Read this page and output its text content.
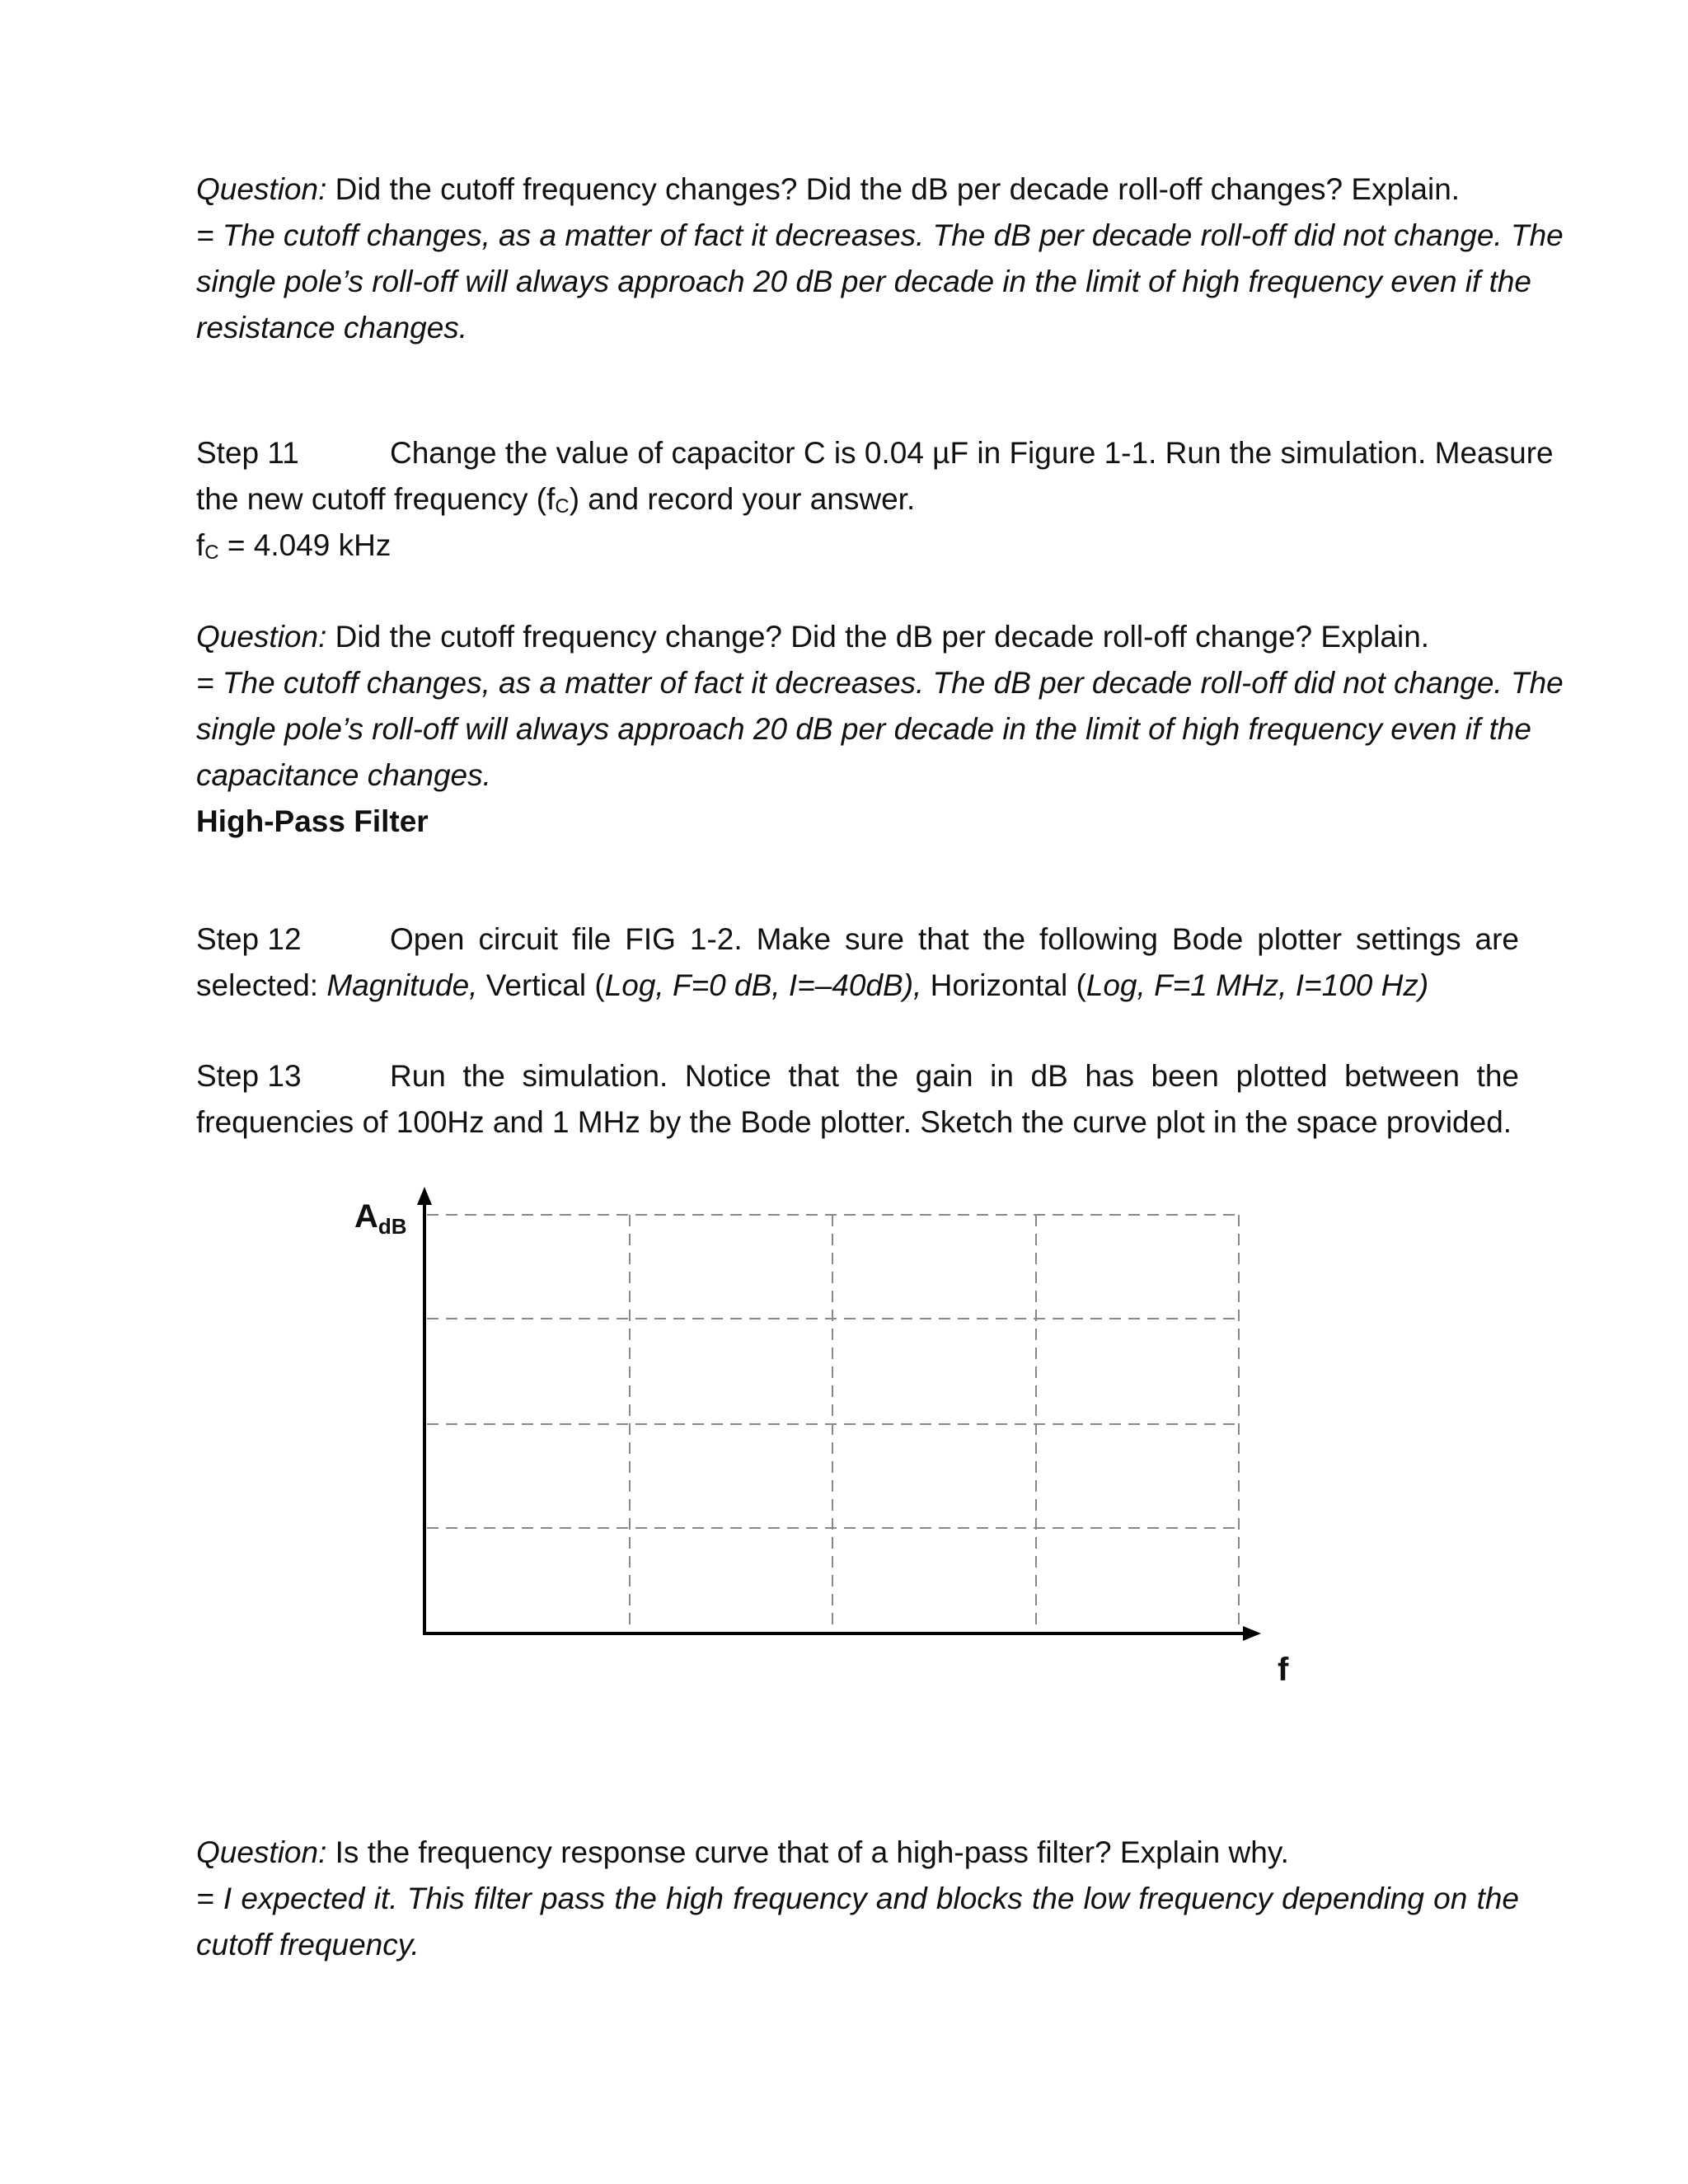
Question: Did the cutoff frequency changes? Did the dB per decade roll-off changes? Explain.
= The cutoff changes, as a matter of fact it decreases. The dB per decade roll-off did not change. The
single pole’s roll-off will always approach 20 dB per decade in the limit of high frequency even if the
resistance changes.
Step 11	Change the value of capacitor C is 0.04 µF in Figure 1-1. Run the simulation. Measure
the new cutoff frequency $(f_C)$ and record your answer.
$f_C = 4.049$ kHz
Question: Did the cutoff frequency change? Did the dB per decade roll-off change? Explain.
= The cutoff changes, as a matter of fact it decreases. The dB per decade roll-off did not change. The
single pole’s roll-off will always approach 20 dB per decade in the limit of high frequency even if the
capacitance changes.
High-Pass Filter
Step 12	Open circuit file FIG 1-2. Make sure that the following Bode plotter settings are
selected: Magnitude, Vertical (Log, F=0 dB, I=–40dB), Horizontal (Log, F=1 MHz, I=100 Hz)
Step 13	Run the simulation. Notice that the gain in dB has been plotted between the
frequencies of 100Hz and 1 MHz by the Bode plotter. Sketch the curve plot in the space provided.
$A_{dB}$
f
Question: Is the frequency response curve that of a high-pass filter? Explain why.
= I expected it. This filter pass the high frequency and blocks the low frequency depending on the
cutoff frequency.
